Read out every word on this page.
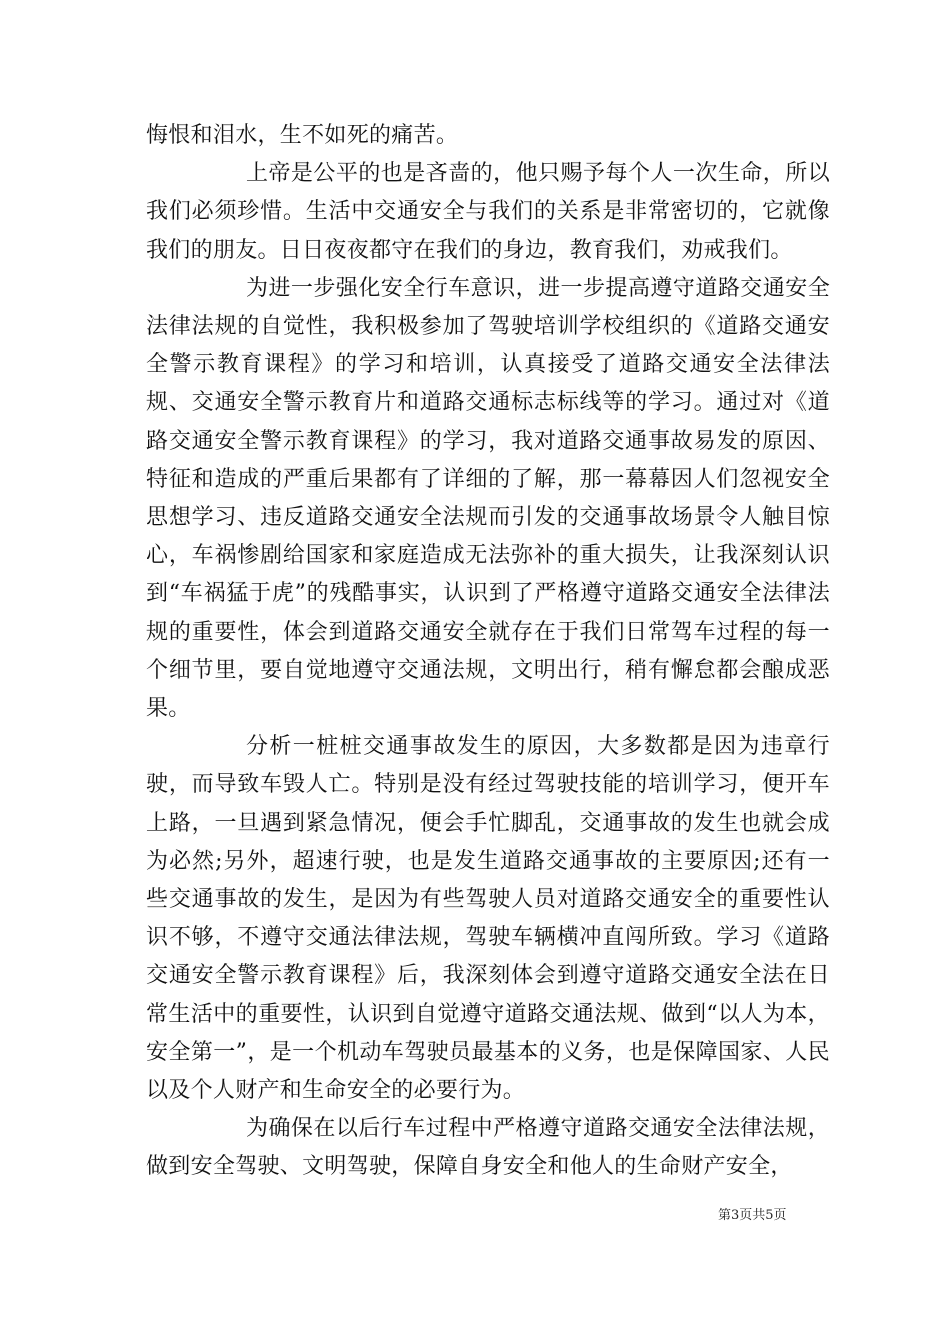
悔恨和泪水，生不如死的痛苦。

上帝是公平的也是吝啬的，他只赐予每个人一次生命，所以我们必须珍惜。生活中交通安全与我们的关系是非常密切的，它就像我们的朋友。日日夜夜都守在我们的身边，教育我们，劝戒我们。

为进一步强化安全行车意识，进一步提高遵守道路交通安全法律法规的自觉性，我积极参加了驾驶培训学校组织的《道路交通安全警示教育课程》的学习和培训，认真接受了道路交通安全法律法规、交通安全警示教育片和道路交通标志标线等的学习。通过对《道路交通安全警示教育课程》的学习，我对道路交通事故易发的原因、特征和造成的严重后果都有了详细的了解，那一幕幕因人们忽视安全思想学习、违反道路交通安全法规而引发的交通事故场景令人触目惊心，车祸惨剧给国家和家庭造成无法弥补的重大损失，让我深刻认识到“车祸猛于虎”的残酷事实，认识到了严格遵守道路交通安全法律法规的重要性，体会到道路交通安全就存在于我们日常驾车过程的每一个细节里，要自觉地遵守交通法规，文明出行，稍有懈怠都会酿成恶果。

分析一桩桩交通事故发生的原因，大多数都是因为违章行驶，而导致车毁人亡。特别是没有经过驾驶技能的培训学习，便开车上路，一旦遇到紧急情况，便会手忙脚乱，交通事故的发生也就会成为必然;另外，超速行驶，也是发生道路交通事故的主要原因;还有一些交通事故的发生，是因为有些驾驶人员对道路交通安全的重要性认识不够，不遵守交通法律法规，驾驶车辆横冲直闯所致。学习《道路交通安全警示教育课程》后，我深刻体会到遵守道路交通安全法在日常生活中的重要性，认识到自觉遵守道路交通法规、做到“以人为本，安全第一”，是一个机动车驾驶员最基本的义务，也是保障国家、人民以及个人财产和生命安全的必要行为。

为确保在以后行车过程中严格遵守道路交通安全法律法规，做到安全驾驶、文明驾驶，保障自身安全和他人的生命财产安全，

第3页共5页
